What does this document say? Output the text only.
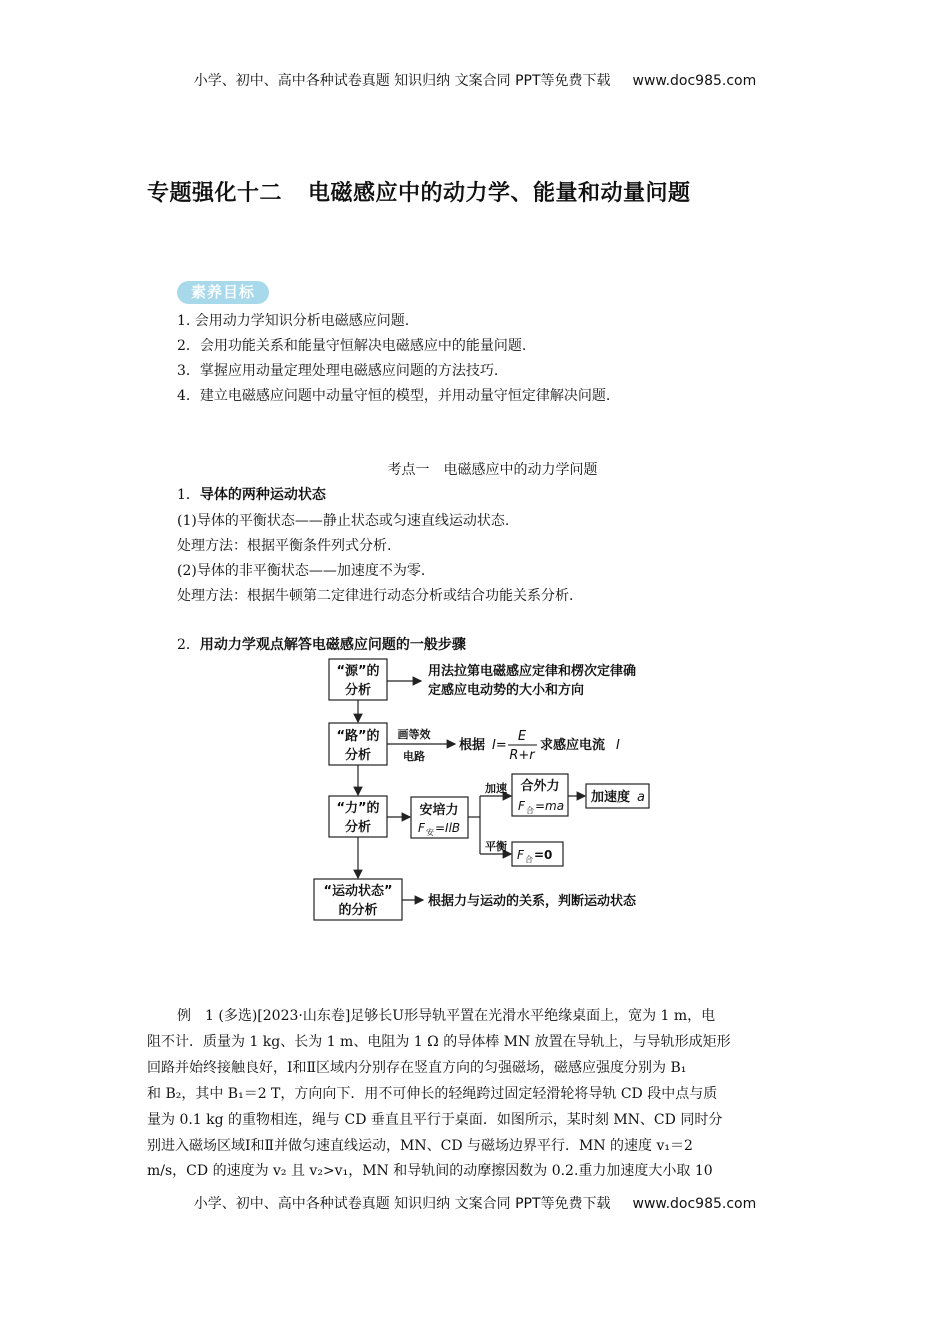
小学、初中、高中各种试卷真题 知识归纳 文案合同 PPT等免费下载 www.doc985.com
专题强化十二 电磁感应中的动力学、能量和动量问题
素养目标
1. 会用动力学知识分析电磁感应问题.
2．会用功能关系和能量守恒解决电磁感应中的能量问题.
3．掌握应用动量定理处理电磁感应问题的方法技巧.
4．建立电磁感应问题中动量守恒的模型，并用动量守恒定律解决问题.
考点一　电磁感应中的动力学问题
1．导体的两种运动状态
(1)导体的平衡状态——静止状态或匀速直线运动状态.
处理方法：根据平衡条件列式分析.
(2)导体的非平衡状态——加速度不为零.
处理方法：根据牛顿第二定律进行动态分析或结合功能关系分析.
2．用动力学观点解答电磁感应问题的一般步骤
“源”的
分析
“路”的
分析
“力”的
分析
“运动状态”
的分析
用法拉第电磁感应定律和楞次定律确
定感应电动势的大小和方向
根据力与运动的关系，判断运动状态
安培力
合外力
画等效
电路
加速
平衡
根据 I=
E
R+r
求感应电流 I
F 安 =IlB
F 合 =ma
F 合 =0
加速度 a
例　1 (多选)[2023·山东卷]足够长U形导轨平置在光滑水平绝缘桌面上，宽为 1 m，电
阻不计．质量为 1 kg、长为 1 m、电阻为 1 Ω 的导体棒 MN 放置在导轨上，与导轨形成矩形
回路并始终接触良好，Ⅰ和Ⅱ区域内分别存在竖直方向的匀强磁场，磁感应强度分别为 B₁
和 B₂，其中 B₁＝2 T，方向向下．用不可伸长的轻绳跨过固定轻滑轮将导轨 CD 段中点与质
量为 0.1 kg 的重物相连，绳与 CD 垂直且平行于桌面．如图所示，某时刻 MN、CD 同时分
别进入磁场区域Ⅰ和Ⅱ并做匀速直线运动，MN、CD 与磁场边界平行．MN 的速度 v₁＝2
m/s，CD 的速度为 v₂ 且 v₂>v₁，MN 和导轨间的动摩擦因数为 0.2.重力加速度大小取 10
小学、初中、高中各种试卷真题 知识归纳 文案合同 PPT等免费下载 www.doc985.com
